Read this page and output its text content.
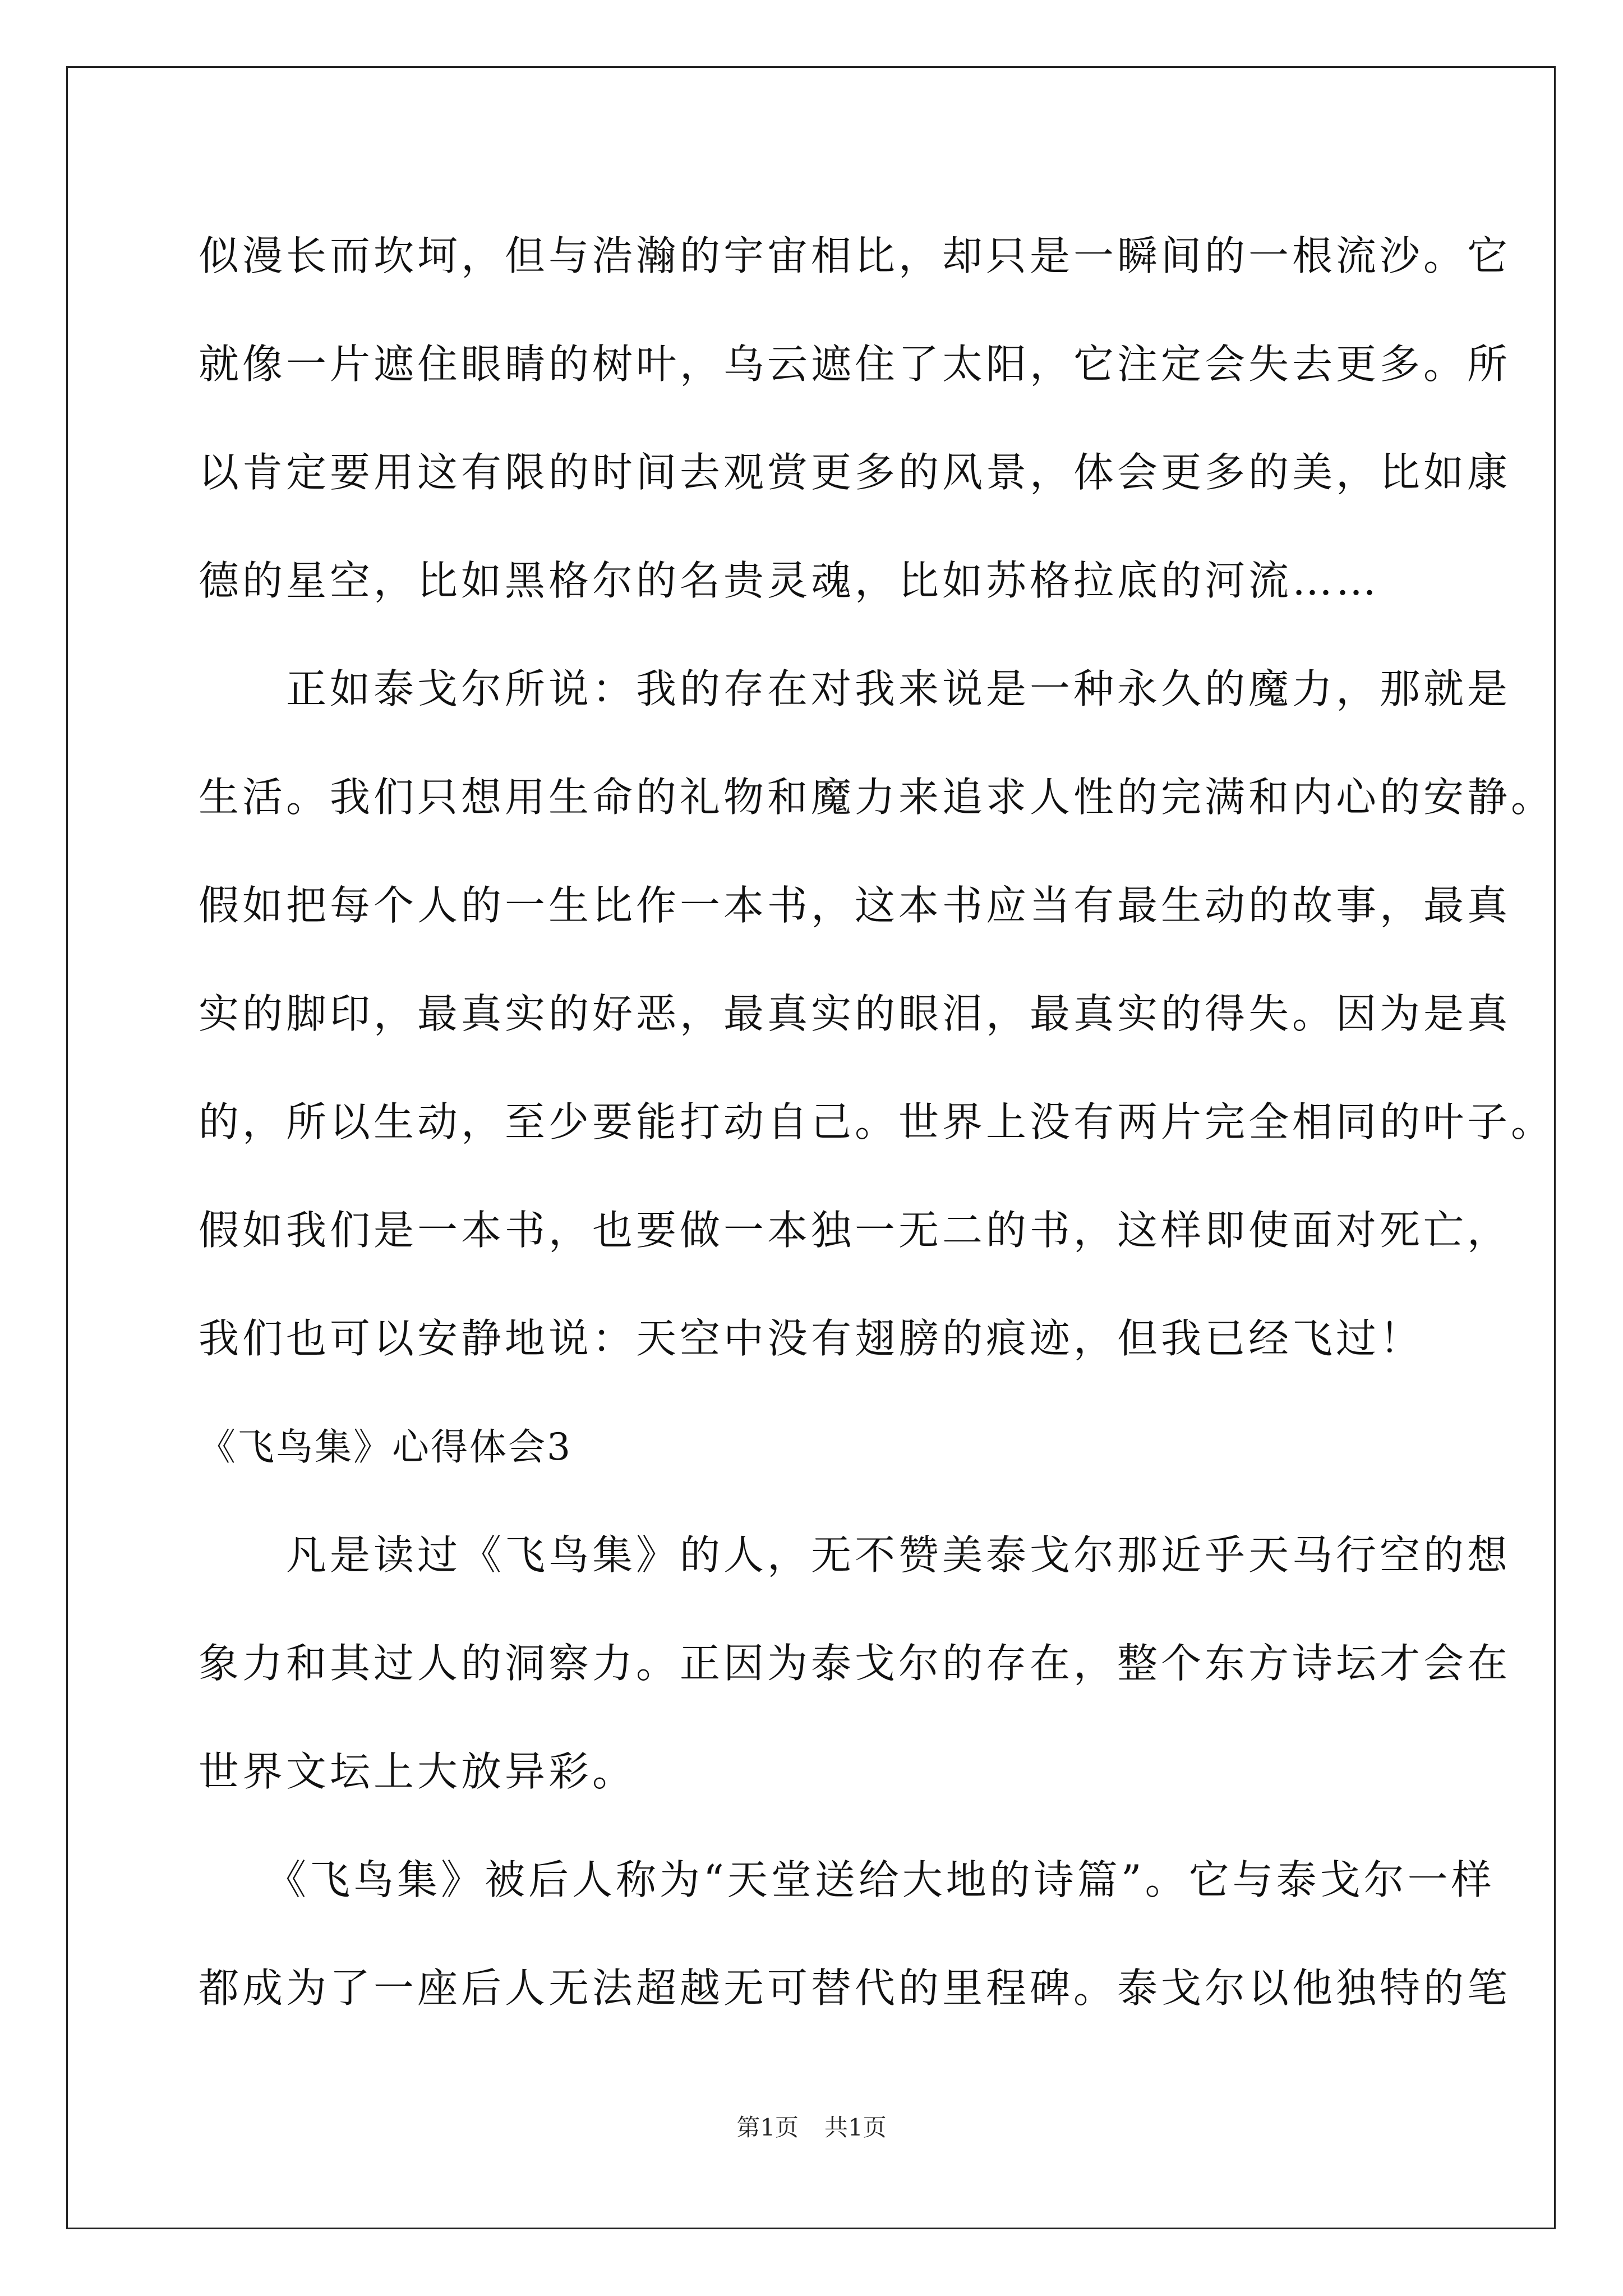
似漫长而坎坷，但与浩瀚的宇宙相比，却只是一瞬间的一根流沙。它
就像一片遮住眼睛的树叶，乌云遮住了太阳，它注定会失去更多。所
以肯定要用这有限的时间去观赏更多的风景，体会更多的美，比如康
德的星空，比如黑格尔的名贵灵魂，比如苏格拉底的河流……
　　正如泰戈尔所说：我的存在对我来说是一种永久的魔力，那就是
生活。我们只想用生命的礼物和魔力来追求人性的完满和内心的安静。
假如把每个人的一生比作一本书，这本书应当有最生动的故事，最真
实的脚印，最真实的好恶，最真实的眼泪，最真实的得失。因为是真
的，所以生动，至少要能打动自己。世界上没有两片完全相同的叶子。
假如我们是一本书，也要做一本独一无二的书，这样即使面对死亡，
我们也可以安静地说：天空中没有翅膀的痕迹，但我已经飞过！
《飞鸟集》心得体会3
　　凡是读过《飞鸟集》的人，无不赞美泰戈尔那近乎天马行空的想
象力和其过人的洞察力。正因为泰戈尔的存在，整个东方诗坛才会在
世界文坛上大放异彩。
　　《飞鸟集》被后人称为“天堂送给大地的诗篇”。它与泰戈尔一样
都成为了一座后人无法超越无可替代的里程碑。泰戈尔以他独特的笔
第1页 共1页
